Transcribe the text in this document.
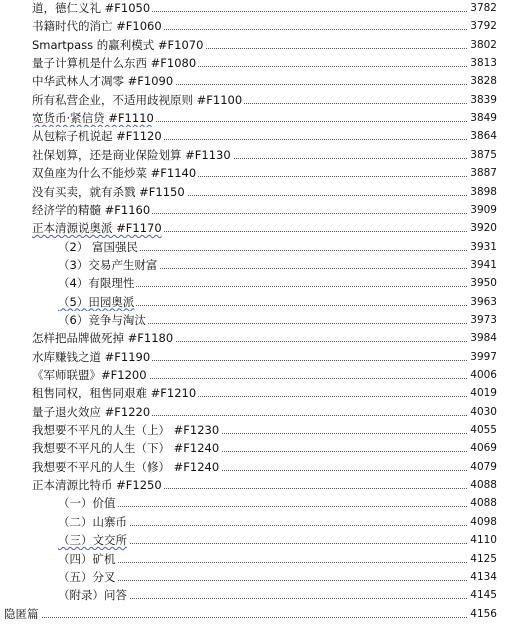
道，德仁义礼 #F1050	3782
书籍时代的消亡 #F1060	3792
Smartpass 的赢利模式 #F1070	3802
量子计算机是什么东西 #F1080	3813
中华武林人才凋零 #F1090	3828
所有私营企业，不适用歧视原则 #F1100	3839
宽货币·紧信贷 #F1110	3849
从包粽子机说起 #F1120	3864
社保划算，还是商业保险划算 #F1130	3875
双鱼座为什么不能炒菜 #F1140	3887
没有买卖，就有杀戮 #F1150	3898
经济学的精髓 #F1160	3909
正本清源说奥派 #F1170	3920
（2） 富国强民	3931
（3）交易产生财富	3941
（4）有限理性	3950
（5）田园奥派	3963
（6）竞争与淘汰	3973
怎样把品牌做死掉 #F1180	3984
水库赚钱之道 #F1190	3997
《军师联盟》#F1200	4006
租售同权，租售同艰难 #F1210	4019
量子退火效应 #F1220	4030
我想要不平凡的人生（上） #F1230	4055
我想要不平凡的人生（下） #F1240	4069
我想要不平凡的人生（修） #F1240	4079
正本清源比特币 #F1250	4088
（一）价值	4088
（二）山寨币	4098
（三）文交所	4110
（四）矿机	4125
（五）分叉	4134
（附录）问答	4145
隐匿篇	4156
